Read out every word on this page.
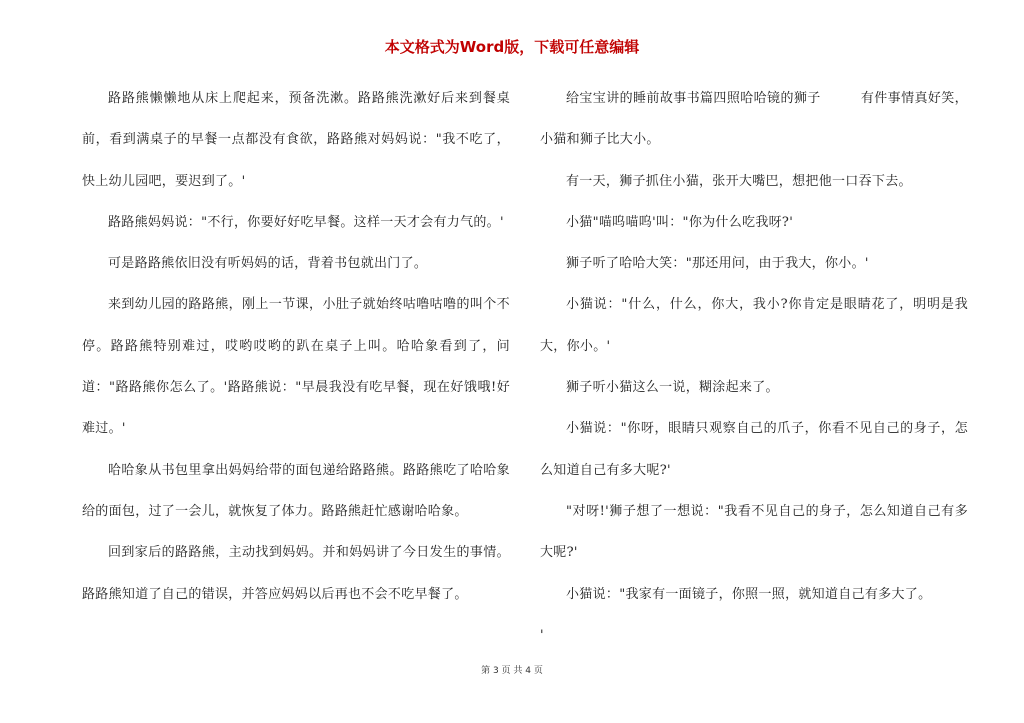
本文格式为Word版，下载可任意编辑

路路熊懒懒地从床上爬起来，预备洗漱。路路熊洗漱好后来到餐桌前，看到满桌子的早餐一点都没有食欲，路路熊对妈妈说："我不吃了，快上幼儿园吧，要迟到了。'

路路熊妈妈说："不行，你要好好吃早餐。这样一天才会有力气的。'

可是路路熊依旧没有听妈妈的话，背着书包就出门了。

来到幼儿园的路路熊，刚上一节课，小肚子就始终咕噜咕噜的叫个不停。路路熊特别难过，哎哟哎哟的趴在桌子上叫。哈哈象看到了，问道："路路熊你怎么了。'路路熊说："早晨我没有吃早餐，现在好饿哦!好难过。'

哈哈象从书包里拿出妈妈给带的面包递给路路熊。路路熊吃了哈哈象给的面包，过了一会儿，就恢复了体力。路路熊赶忙感谢哈哈象。

回到家后的路路熊，主动找到妈妈。并和妈妈讲了今日发生的事情。路路熊知道了自己的错误，并答应妈妈以后再也不会不吃早餐了。

给宝宝讲的睡前故事书篇四照哈哈镜的狮子　　　有件事情真好笑，小猫和狮子比大小。

有一天，狮子抓住小猫，张开大嘴巴，想把他一口吞下去。

小猫"喵呜喵呜'叫："你为什么吃我呀?'

狮子听了哈哈大笑："那还用问，由于我大，你小。'

小猫说："什么，什么，你大，我小?你肯定是眼睛花了，明明是我大，你小。'

狮子听小猫这么一说，糊涂起来了。

小猫说："你呀，眼睛只观察自己的爪子，你看不见自己的身子，怎么知道自己有多大呢?'

"对呀!'狮子想了一想说："我看不见自己的身子，怎么知道自己有多大呢?'

小猫说："我家有一面镜子，你照一照，就知道自己有多大了。

'

第 3 页 共 4 页
